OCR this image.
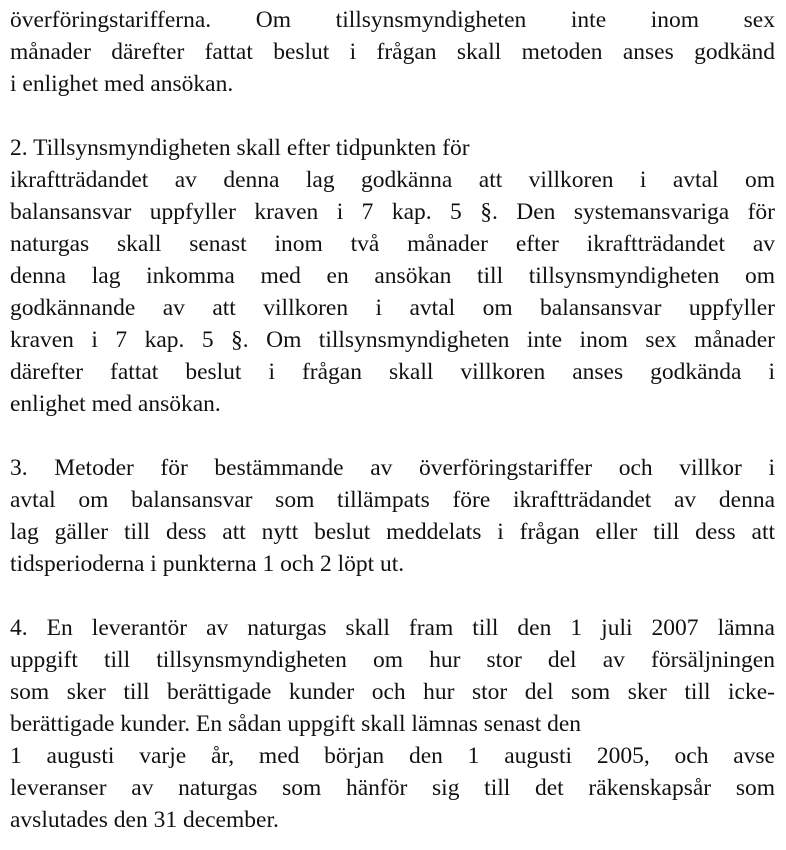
överföringstarifferna. Om tillsynsmyndigheten inte inom sex
månader därefter fattat beslut i frågan skall metoden anses godkänd
i enlighet med ansökan.
2. Tillsynsmyndigheten skall efter tidpunkten för
ikraftträdandet av denna lag godkänna att villkoren i avtal om
balansansvar uppfyller kraven i 7 kap. 5 §. Den systemansvariga för
naturgas skall senast inom två månader efter ikraftträdandet av
denna lag inkomma med en ansökan till tillsynsmyndigheten om
godkännande av att villkoren i avtal om balansansvar uppfyller
kraven i 7 kap. 5 §. Om tillsynsmyndigheten inte inom sex månader
därefter fattat beslut i frågan skall villkoren anses godkända i
enlighet med ansökan.
3. Metoder för bestämmande av överföringstariffer och villkor i
avtal om balansansvar som tillämpats före ikraftträdandet av denna
lag gäller till dess att nytt beslut meddelats i frågan eller till dess att
tidsperioderna i punkterna 1 och 2 löpt ut.
4. En leverantör av naturgas skall fram till den 1 juli 2007 lämna
uppgift till tillsynsmyndigheten om hur stor del av försäljningen
som sker till berättigade kunder och hur stor del som sker till icke-
berättigade kunder. En sådan uppgift skall lämnas senast den
1 augusti varje år, med början den 1 augusti 2005, och avse
leveranser av naturgas som hänför sig till det räkenskapsår som
avslutades den 31 december.
